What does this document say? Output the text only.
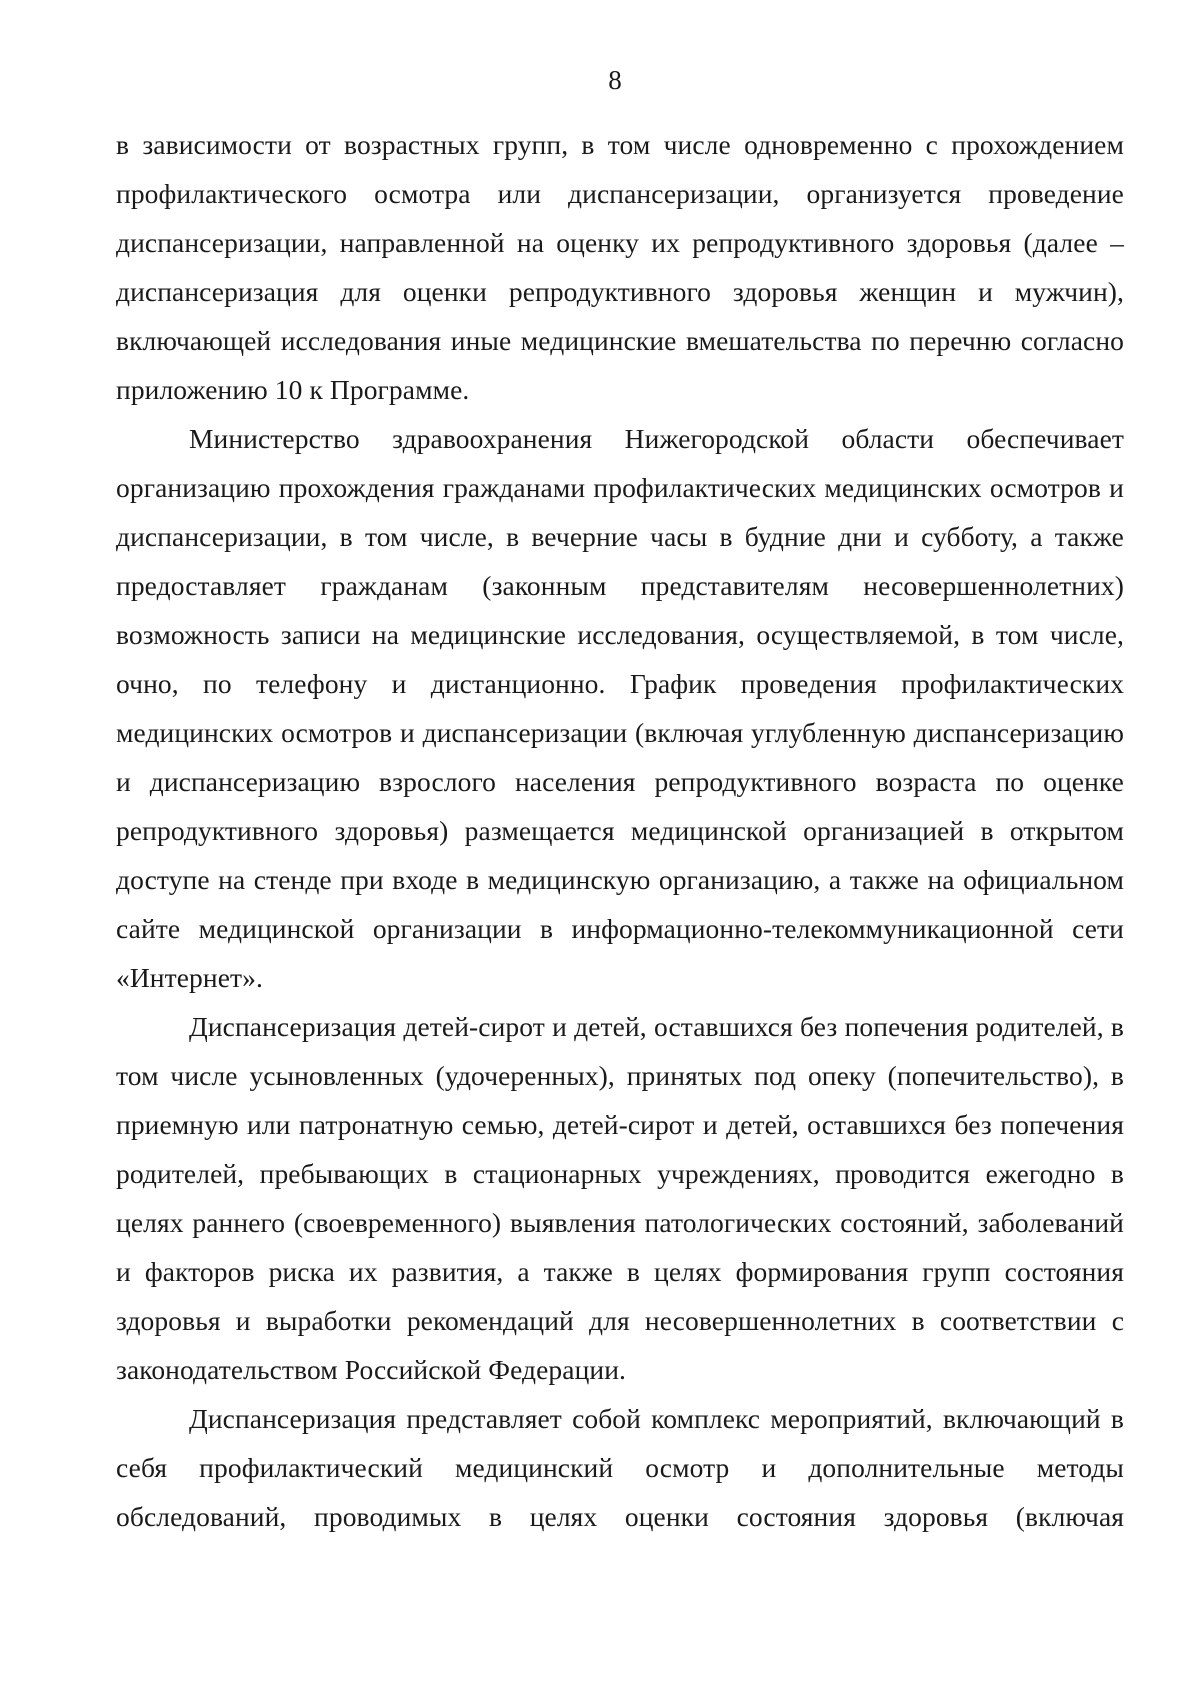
8

в зависимости от возрастных групп, в том числе одновременно с прохождением профилактического осмотра или диспансеризации, организуется проведение диспансеризации, направленной на оценку их репродуктивного здоровья (далее – диспансеризация для оценки репродуктивного здоровья женщин и мужчин), включающей исследования иные медицинские вмешательства по перечню согласно приложению 10 к Программе.

Министерство здравоохранения Нижегородской области обеспечивает организацию прохождения гражданами профилактических медицинских осмотров и диспансеризации, в том числе, в вечерние часы в будние дни и субботу, а также предоставляет гражданам (законным представителям несовершеннолетних) возможность записи на медицинские исследования, осуществляемой, в том числе, очно, по телефону и дистанционно. График проведения профилактических медицинских осмотров и диспансеризации (включая углубленную диспансеризацию и диспансеризацию взрослого населения репродуктивного возраста по оценке репродуктивного здоровья) размещается медицинской организацией в открытом доступе на стенде при входе в медицинскую организацию, а также на официальном сайте медицинской организации в информационно-телекоммуникационной сети «Интернет».

Диспансеризация детей-сирот и детей, оставшихся без попечения родителей, в том числе усыновленных (удочеренных), принятых под опеку (попечительство), в приемную или патронатную семью, детей-сирот и детей, оставшихся без попечения родителей, пребывающих в стационарных учреждениях, проводится ежегодно в целях раннего (своевременного) выявления патологических состояний, заболеваний и факторов риска их развития, а также в целях формирования групп состояния здоровья и выработки рекомендаций для несовершеннолетних в соответствии с законодательством Российской Федерации.

Диспансеризация представляет собой комплекс мероприятий, включающий в себя профилактический медицинский осмотр и дополнительные методы обследований, проводимых в целях оценки состояния здоровья (включая
